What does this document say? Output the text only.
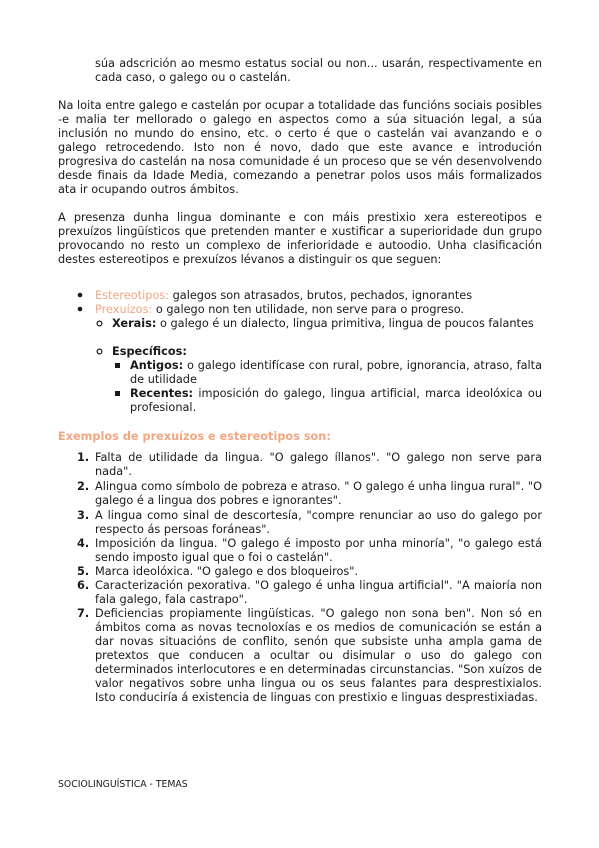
súa adscrición ao mesmo estatus social ou non... usarán, respectivamente en cada caso, o galego ou o castelán.

Na loita entre galego e castelán por ocupar a totalidade das funcións sociais posibles -e malia ter mellorado o galego en aspectos como a súa situación legal, a súa inclusión no mundo do ensino, etc. o certo é que o castelán vai avanzando e o galego retrocedendo. Isto non é novo, dado que este avance e introdución progresiva do castelán na nosa comunidade é un proceso que se vén desenvolvendo desde finais da Idade Media, comezando a penetrar polos usos máis formalizados ata ir ocupando outros ámbitos.

A presenza dunha lingua dominante e con máis prestixio xera estereotipos e prexuízos lingüísticos que pretenden manter e xustificar a superioridade dun grupo provocando no resto un complexo de inferioridade e autoodio. Unha clasificación destes estereotipos e prexuízos lévanos a distinguir os que seguen:

Estereotipos: galegos son atrasados, brutos, pechados, ignorantes
Prexuízos: o galego non ten utilidade, non serve para o progreso.

Xerais: o galego é un dialecto, lingua primitiva, lingua de poucos falantes

Específicos:

Antigos: o galego identifícase con rural, pobre, ignorancia, atraso, falta de utilidade

Recentes: imposición do galego, lingua artificial, marca ideolóxica ou profesional.

Exemplos de prexuízos e estereotipos son:
1. Falta de utilidade da lingua. "O galego íllanos". "O galego non serve para nada".

2. Alingua como símbolo de pobreza e atraso. " O galego é unha lingua rural". "O galego é a lingua dos pobres e ignorantes".

3. A lingua como sinal de descortesía, "compre renunciar ao uso do galego por respecto ás persoas foráneas".

4. Imposición da lingua. "O galego é imposto por unha minoría", "o galego está sendo imposto igual que o foi o castelán".

5. Marca ideolóxica. "O galego e dos bloqueiros".

6. Caracterización pexorativa. "O galego é unha lingua artificial". "A maioría non fala galego, fala castrapo".

7. Deficiencias propiamente lingüísticas. "O galego non sona ben". Non só en ámbitos coma as novas tecnoloxías e os medios de comunicación se están a dar novas situacións de conflito, senón que subsiste unha ampla gama de pretextos que conducen a ocultar ou disimular o uso do galego con determinados interlocutores e en determinadas circunstancias. "Son xuízos de valor negativos sobre unha lingua ou os seus falantes para desprestixialos. Isto conduciría á existencia de linguas con prestixio e linguas desprestixiadas.

SOCIOLINGUÍSTICA - TEMAS
